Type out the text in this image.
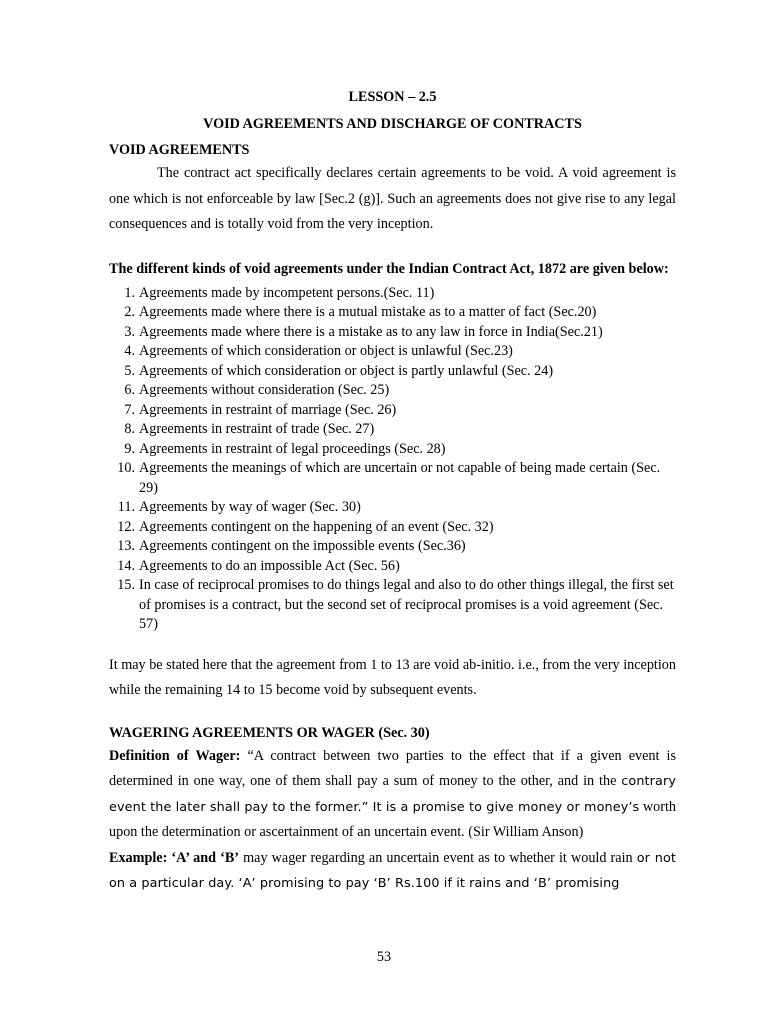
LESSON – 2.5

VOID AGREEMENTS AND DISCHARGE OF CONTRACTS

VOID AGREEMENTS

The contract act specifically declares certain agreements to be void. A void agreement is one which is not enforceable by law [Sec.2 (g)]. Such an agreements does not give rise to any legal consequences and is totally void from the very inception.

The different kinds of void agreements under the Indian Contract Act, 1872 are given below:

1. Agreements made by incompetent persons.(Sec. 11)
2. Agreements made where there is a mutual mistake as to a matter of fact (Sec.20)
3. Agreements made where there is a mistake as to any law in force in India(Sec.21)
4. Agreements of which consideration or object is unlawful (Sec.23)
5. Agreements of which consideration or object is partly unlawful (Sec. 24)
6. Agreements without consideration (Sec. 25)
7. Agreements in restraint of marriage (Sec. 26)
8. Agreements in restraint of trade (Sec. 27)
9. Agreements in restraint of legal proceedings (Sec. 28)
10. Agreements the meanings of which are uncertain or not capable of being made certain (Sec. 29)
11. Agreements by way of wager (Sec. 30)
12. Agreements contingent on the happening of an event (Sec. 32)
13. Agreements contingent on the impossible events (Sec.36)
14. Agreements to do an impossible Act (Sec. 56)
15. In case of reciprocal promises to do things legal and also to do other things illegal, the first set of promises is a contract, but the second set of reciprocal promises is a void agreement (Sec. 57)

It may be stated here that the agreement from 1 to 13 are void ab-initio. i.e., from the very inception while the remaining 14 to 15 become void by subsequent events.

WAGERING AGREEMENTS OR WAGER (Sec. 30)

Definition of Wager: “A contract between two parties to the effect that if a given event is determined in one way, one of them shall pay a sum of money to the other, and in the contrary event the later shall pay to the former.” It is a promise to give money or money’s worth upon the determination or ascertainment of an uncertain event. (Sir William Anson)

Example: ‘A’ and ‘B’ may wager regarding an uncertain event as to whether it would rain or not on a particular day. ‘A’ promising to pay ‘B’ Rs.100 if it rains and ‘B’ promising

53
